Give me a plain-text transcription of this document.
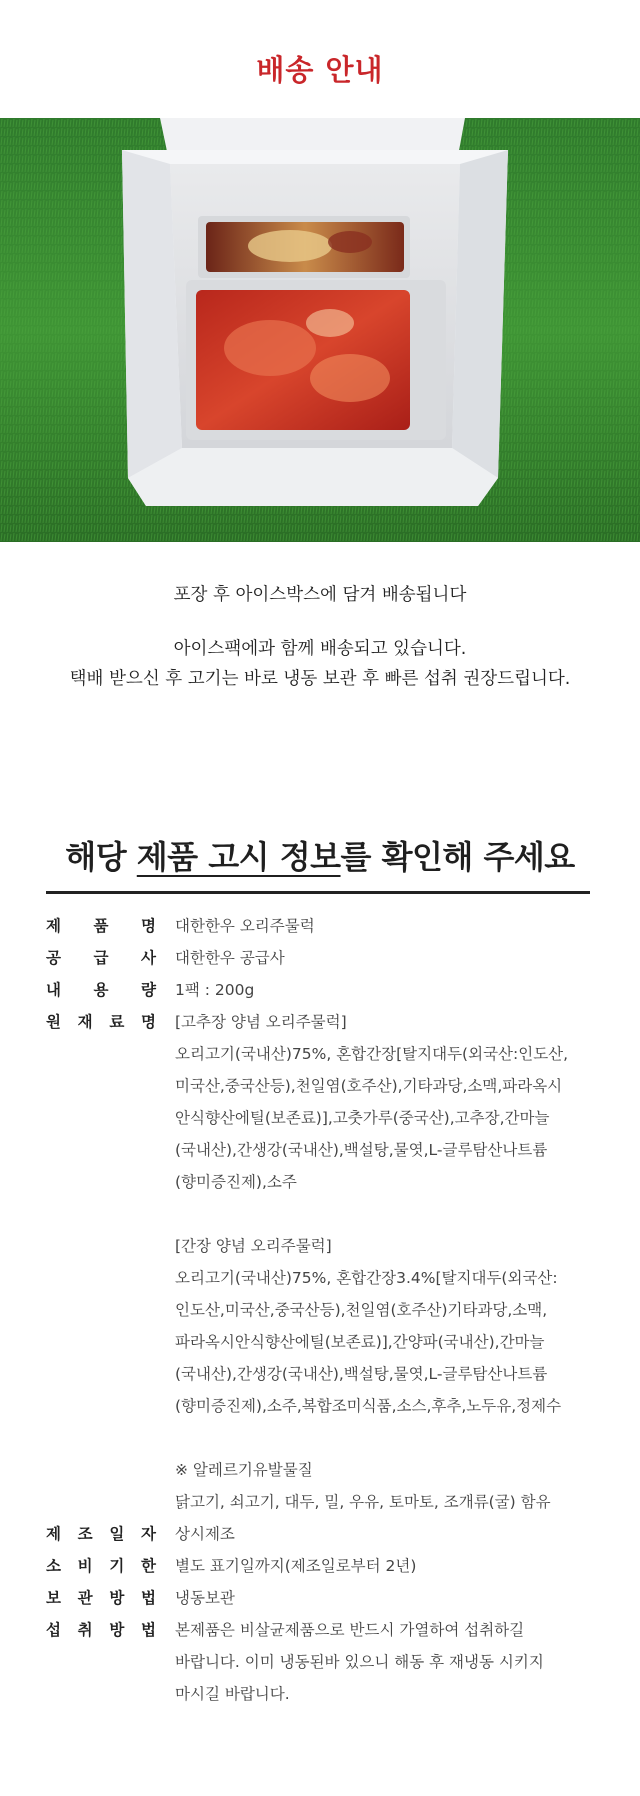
배송 안내
포장 후 아이스박스에 담겨 배송됩니다
아이스팩에과 함께 배송되고 있습니다.
택배 받으신 후 고기는 바로 냉동 보관 후 빠른 섭취 권장드립니다.
해당 제품 고시 정보를 확인해 주세요
제 품 명 대한한우 오리주물럭
공 급 사 대한한우 공급사
내 용 량 1팩 : 200g
원 재 료 명 [고추장 양념 오리주물럭]
오리고기(국내산)75%, 혼합간장[탈지대두(외국산:인도산,
미국산,중국산등),천일염(호주산),기타과당,소맥,파라옥시
안식향산에틸(보존료)],고춧가루(중국산),고추장,간마늘
(국내산),간생강(국내산),백설탕,물엿,L-글루탐산나트륨
(향미증진제),소주
[간장 양념 오리주물럭]
오리고기(국내산)75%, 혼합간장3.4%[탈지대두(외국산:
인도산,미국산,중국산등),천일염(호주산)기타과당,소맥,
파라옥시안식향산에틸(보존료)],간양파(국내산),간마늘
(국내산),간생강(국내산),백설탕,물엿,L-글루탐산나트륨
(향미증진제),소주,복합조미식품,소스,후추,노두유,정제수
※ 알레르기유발물질
닭고기, 쇠고기, 대두, 밀, 우유, 토마토, 조개류(굴) 함유
제 조 일 자 상시제조
소 비 기 한 별도 표기일까지(제조일로부터 2년)
보 관 방 법 냉동보관
섭 취 방 법 본제품은 비살균제품으로 반드시 가열하여 섭취하길
바랍니다. 이미 냉동된바 있으니 해동 후 재냉동 시키지
마시길 바랍니다.
